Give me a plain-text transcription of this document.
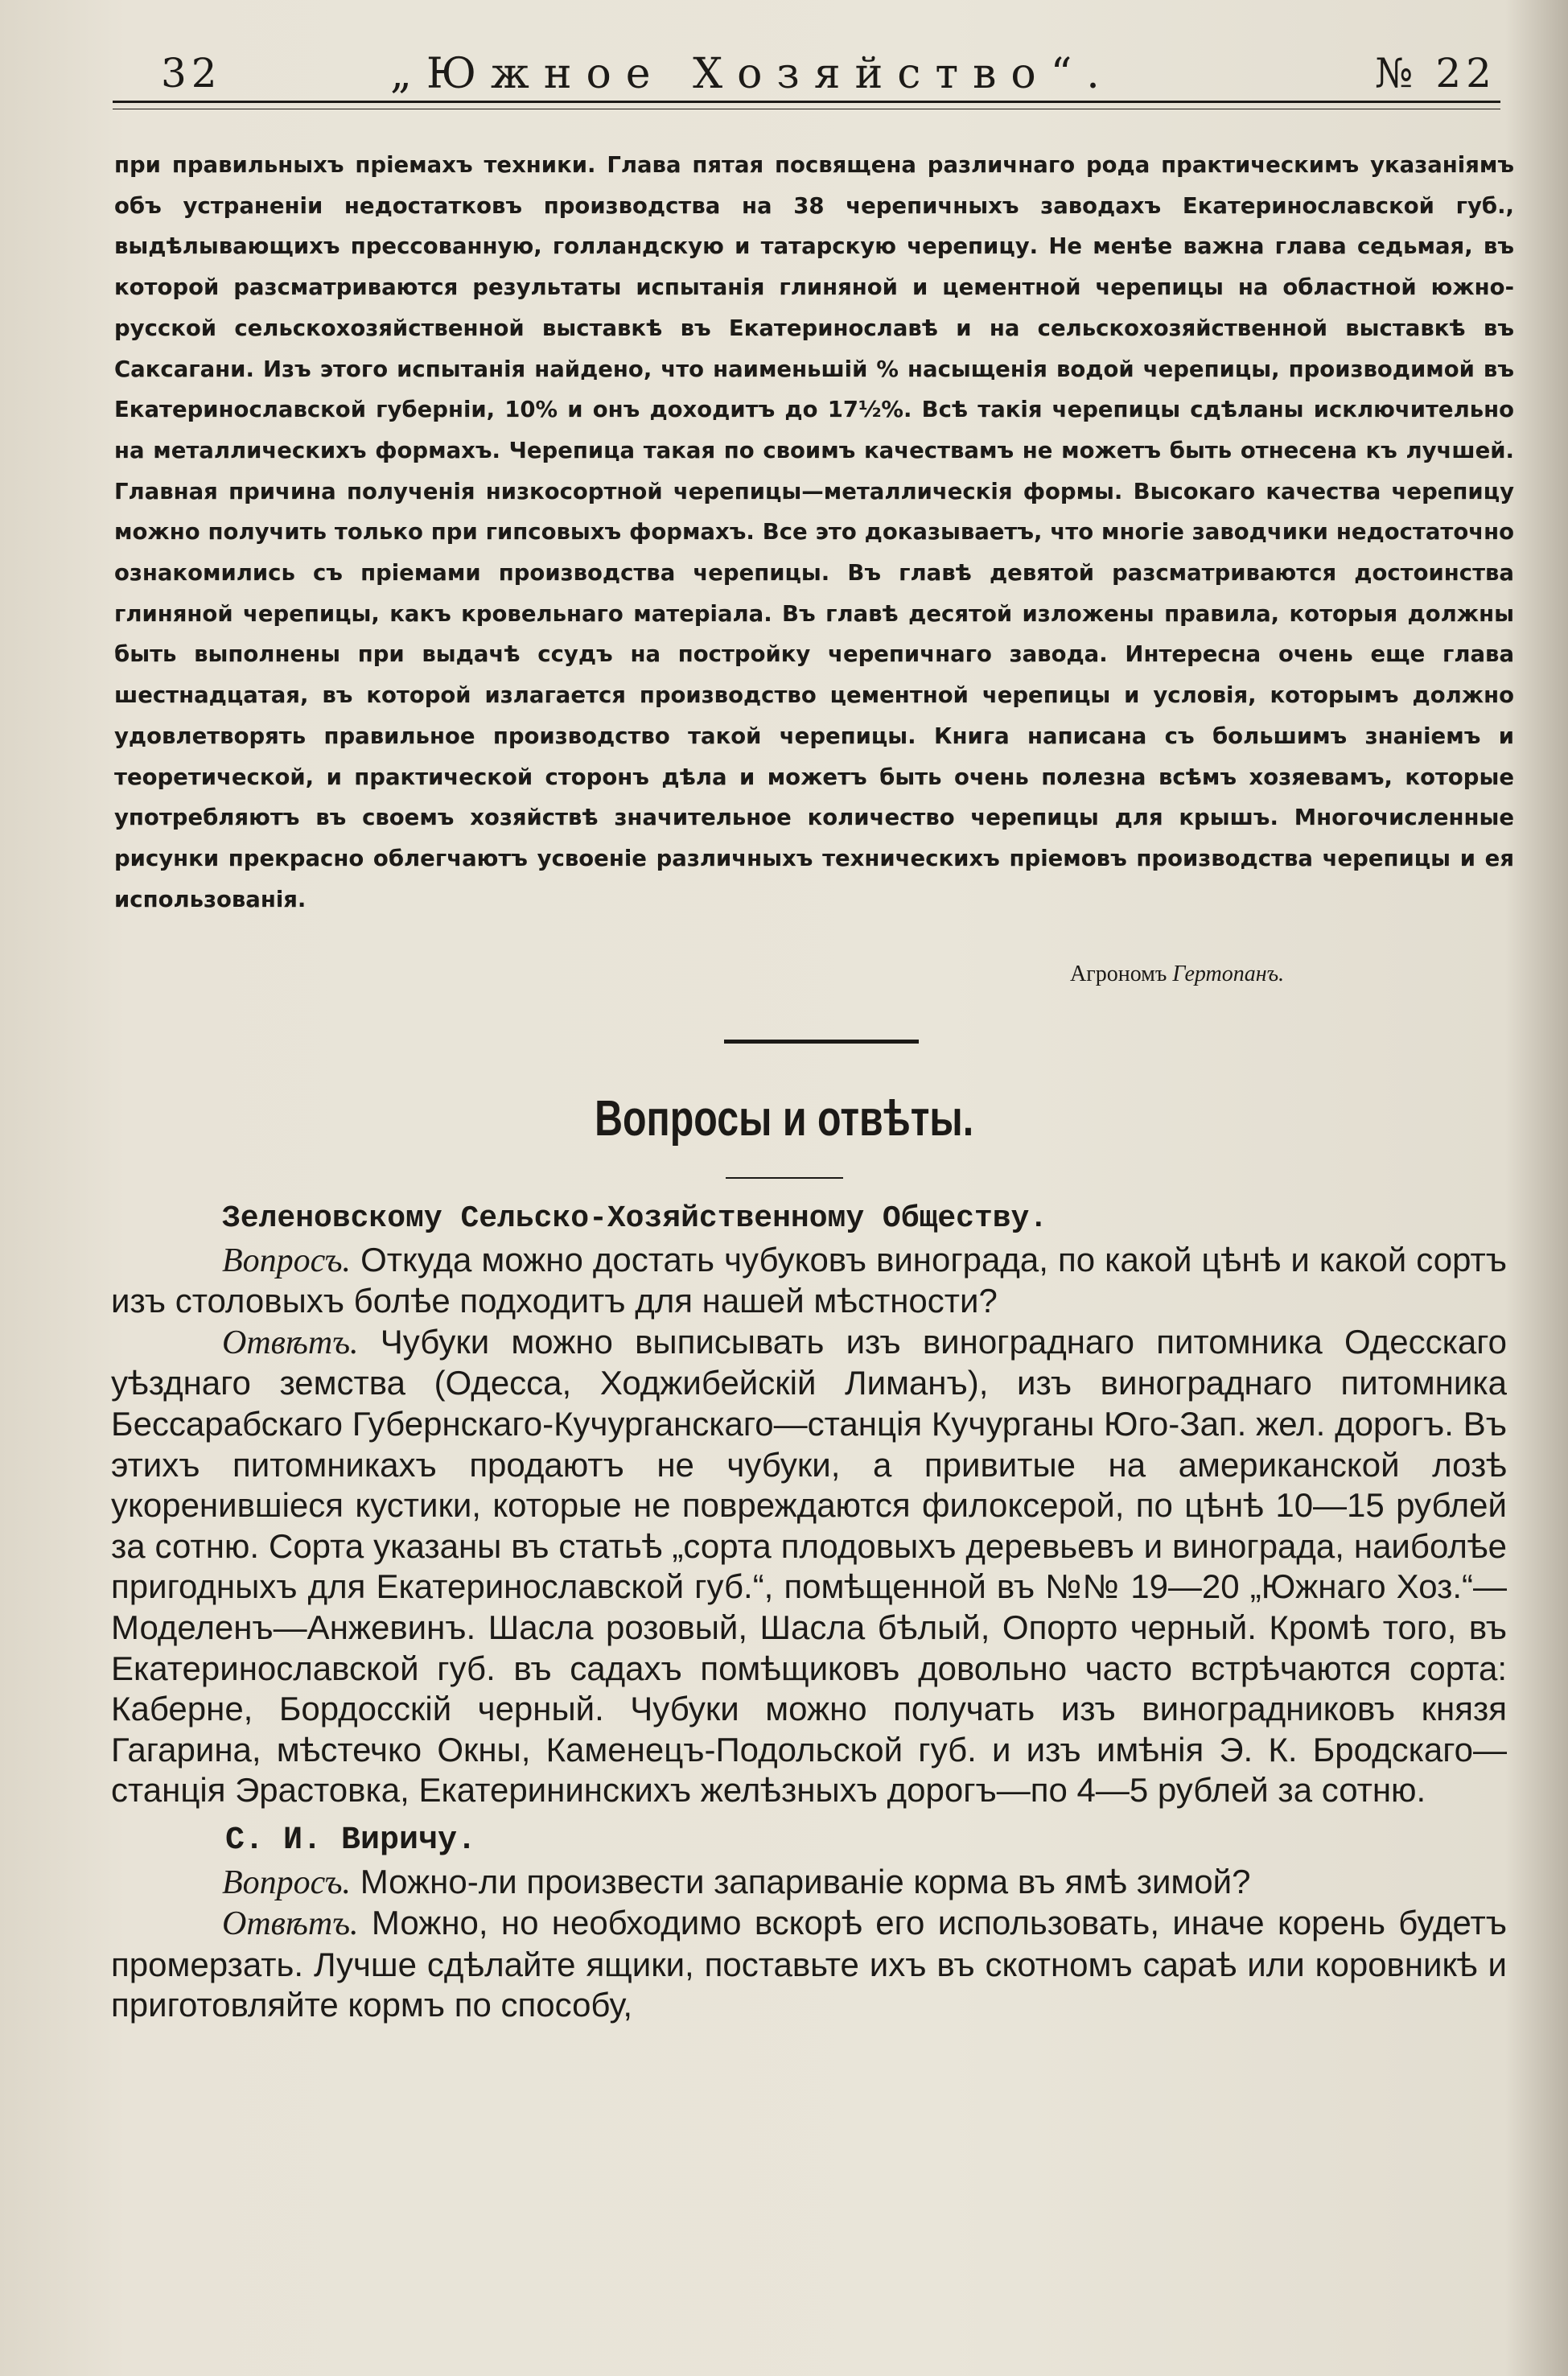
32	„Южное Хозяйство“.	№ 22
при правильныхъ пріемахъ техники. Глава пятая посвящена различнаго рода практическимъ указаніямъ объ устраненіи недостатковъ производства на 38 черепичныхъ заводахъ Екатеринославской губ., выдѣлывающихъ прессованную, голландскую и татарскую черепицу. Не менѣе важна глава седьмая, въ которой разсматриваются результаты испытанія глиняной и цементной черепицы на областной южно-русской сельскохозяйственной выставкѣ въ Екатеринославѣ и на сельскохозяйственной выставкѣ въ Саксагани. Изъ этого испытанія найдено, что наименьшій % насыщенія водой черепицы, производимой въ Екатеринославской губерніи, 10% и онъ доходитъ до 17½%. Всѣ такія черепицы сдѣланы исключительно на металлическихъ формахъ. Черепица такая по своимъ качествамъ не можетъ быть отнесена къ лучшей. Главная причина полученія низкосортной черепицы—металлическія формы. Высокаго качества черепицу можно получить только при гипсовыхъ формахъ. Все это доказываетъ, что многіе заводчики недостаточно ознакомились съ пріемами производства черепицы. Въ главѣ девятой разсматриваются достоинства глиняной черепицы, какъ кровельнаго матеріала. Въ главѣ десятой изложены правила, которыя должны быть выполнены при выдачѣ ссудъ на постройку черепичнаго завода. Интересна очень еще глава шестнадцатая, въ которой излагается производство цементной черепицы и условія, которымъ должно удовлетворять правильное производство такой черепицы. Книга написана съ большимъ знаніемъ и теоретической, и практической сторонъ дѣла и можетъ быть очень полезна всѣмъ хозяевамъ, которые употребляютъ въ своемъ хозяйствѣ значительное количество черепицы для крышъ. Многочисленные рисунки прекрасно облегчаютъ усвоеніе различныхъ техническихъ пріемовъ производства черепицы и ея использованія.
Агрономъ Гертопанъ.
Вопросы и отвѣты.
Зеленовскому Сельско-Хозяйственному Обществу.
Вопросъ. Откуда можно достать чубуковъ винограда, по какой цѣнѣ и какой сортъ изъ столовыхъ болѣе подходитъ для нашей мѣстности?
Отвѣтъ. Чубуки можно выписывать изъ винограднаго питомника Одесскаго уѣзднаго земства (Одесса, Ходжибейскій Лиманъ), изъ винограднаго питомника Бессарабскаго Губернскаго-Кучурганскаго—станція Кучурганы Юго-Зап. жел. дорогъ. Въ этихъ питомникахъ продаютъ не чубуки, а привитые на американской лозѣ укоренившіеся кустики, которые не повреждаются филоксерой, по цѣнѣ 10—15 рублей за сотню. Сорта указаны въ статьѣ „сорта плодовыхъ деревьевъ и винограда, наиболѣе пригодныхъ для Екатеринославской губ.“, помѣщенной въ №№ 19—20 „Южнаго Хоз.“—Моделенъ—Анжевинъ. Шасла розовый, Шасла бѣлый, Опорто черный. Кромѣ того, въ Екатеринославской губ. въ садахъ помѣщиковъ довольно часто встрѣчаются сорта: Каберне, Бордосскій черный. Чубуки можно получать изъ виноградниковъ князя Гагарина, мѣстечко Окны, Каменецъ-Подольской губ. и изъ имѣнія Э. К. Бродскаго—станція Эрастовка, Екатерининскихъ желѣзныхъ дорогъ—по 4—5 рублей за сотню.
С. И. Виричу.
Вопросъ. Можно-ли произвести запариваніе корма въ ямѣ зимой?
Отвѣтъ. Можно, но необходимо вскорѣ его использовать, иначе корень будетъ промерзать. Лучше сдѣлайте ящики, поставьте ихъ въ скотномъ сараѣ или коровникѣ и приготовляйте кормъ по способу,
